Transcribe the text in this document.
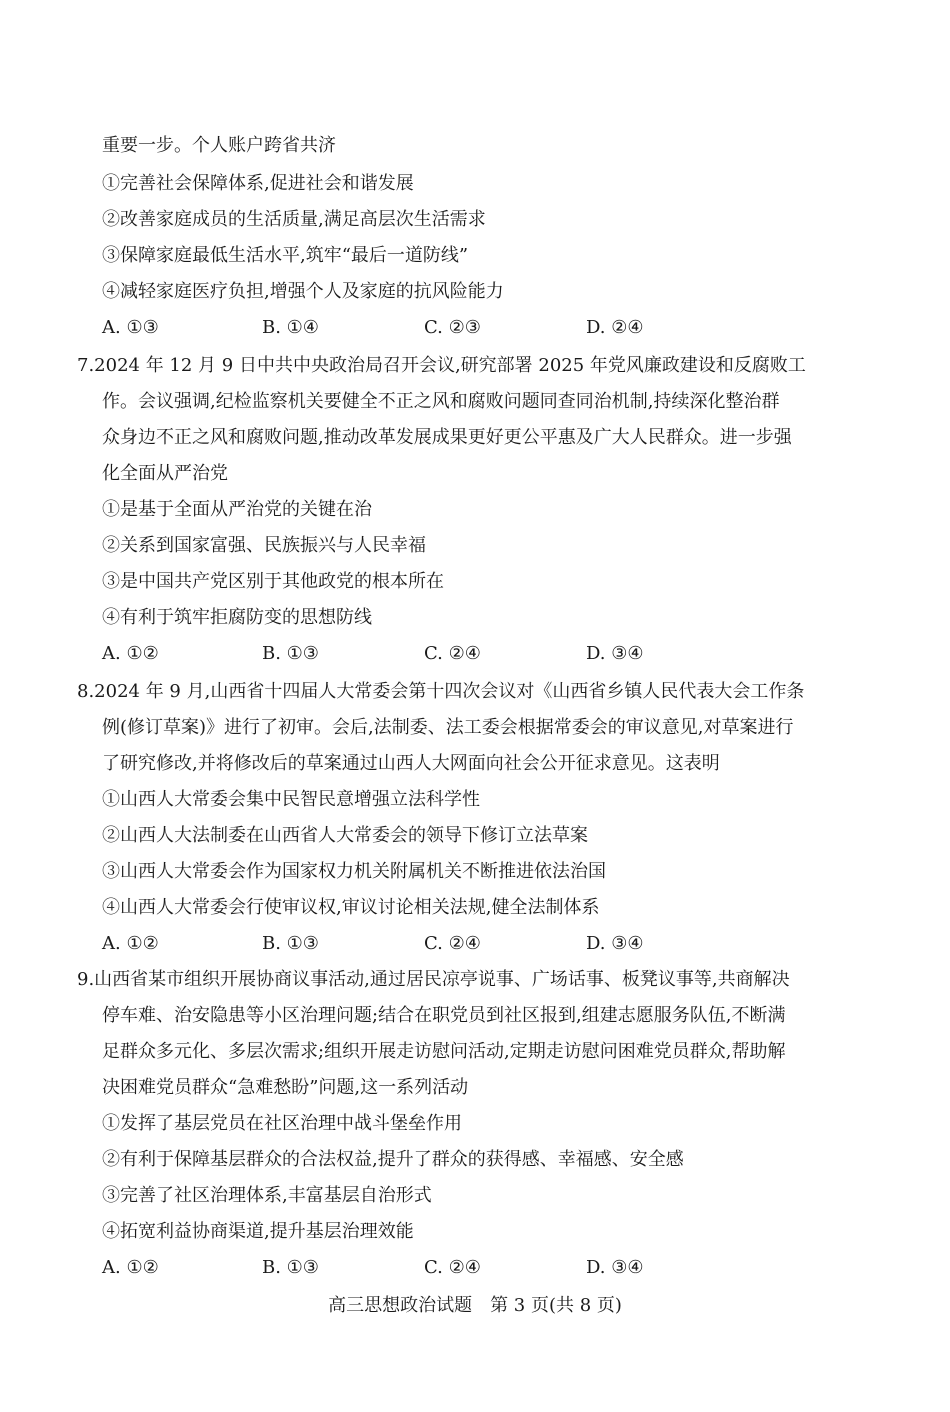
重要一步。个人账户跨省共济
①完善社会保障体系,促进社会和谐发展
②改善家庭成员的生活质量,满足高层次生活需求
③保障家庭最低生活水平,筑牢“最后一道防线”
④减轻家庭医疗负担,增强个人及家庭的抗风险能力
A. ①③	B. ①④	C. ②③	D. ②④
7.2024 年 12 月 9 日中共中央政治局召开会议,研究部署 2025 年党风廉政建设和反腐败工
作。会议强调,纪检监察机关要健全不正之风和腐败问题同查同治机制,持续深化整治群
众身边不正之风和腐败问题,推动改革发展成果更好更公平惠及广大人民群众。进一步强
化全面从严治党
①是基于全面从严治党的关键在治
②关系到国家富强、民族振兴与人民幸福
③是中国共产党区别于其他政党的根本所在
④有利于筑牢拒腐防变的思想防线
A. ①②	B. ①③	C. ②④	D. ③④
8.2024 年 9 月,山西省十四届人大常委会第十四次会议对《山西省乡镇人民代表大会工作条
例(修订草案)》进行了初审。会后,法制委、法工委会根据常委会的审议意见,对草案进行
了研究修改,并将修改后的草案通过山西人大网面向社会公开征求意见。这表明
①山西人大常委会集中民智民意增强立法科学性
②山西人大法制委在山西省人大常委会的领导下修订立法草案
③山西人大常委会作为国家权力机关附属机关不断推进依法治国
④山西人大常委会行使审议权,审议讨论相关法规,健全法制体系
A. ①②	B. ①③	C. ②④	D. ③④
9.山西省某市组织开展协商议事活动,通过居民凉亭说事、广场话事、板凳议事等,共商解决
停车难、治安隐患等小区治理问题;结合在职党员到社区报到,组建志愿服务队伍,不断满
足群众多元化、多层次需求;组织开展走访慰问活动,定期走访慰问困难党员群众,帮助解
决困难党员群众“急难愁盼”问题,这一系列活动
①发挥了基层党员在社区治理中战斗堡垒作用
②有利于保障基层群众的合法权益,提升了群众的获得感、幸福感、安全感
③完善了社区治理体系,丰富基层自治形式
④拓宽利益协商渠道,提升基层治理效能
A. ①②	B. ①③	C. ②④	D. ③④
高三思想政治试题　第 3 页(共 8 页)
